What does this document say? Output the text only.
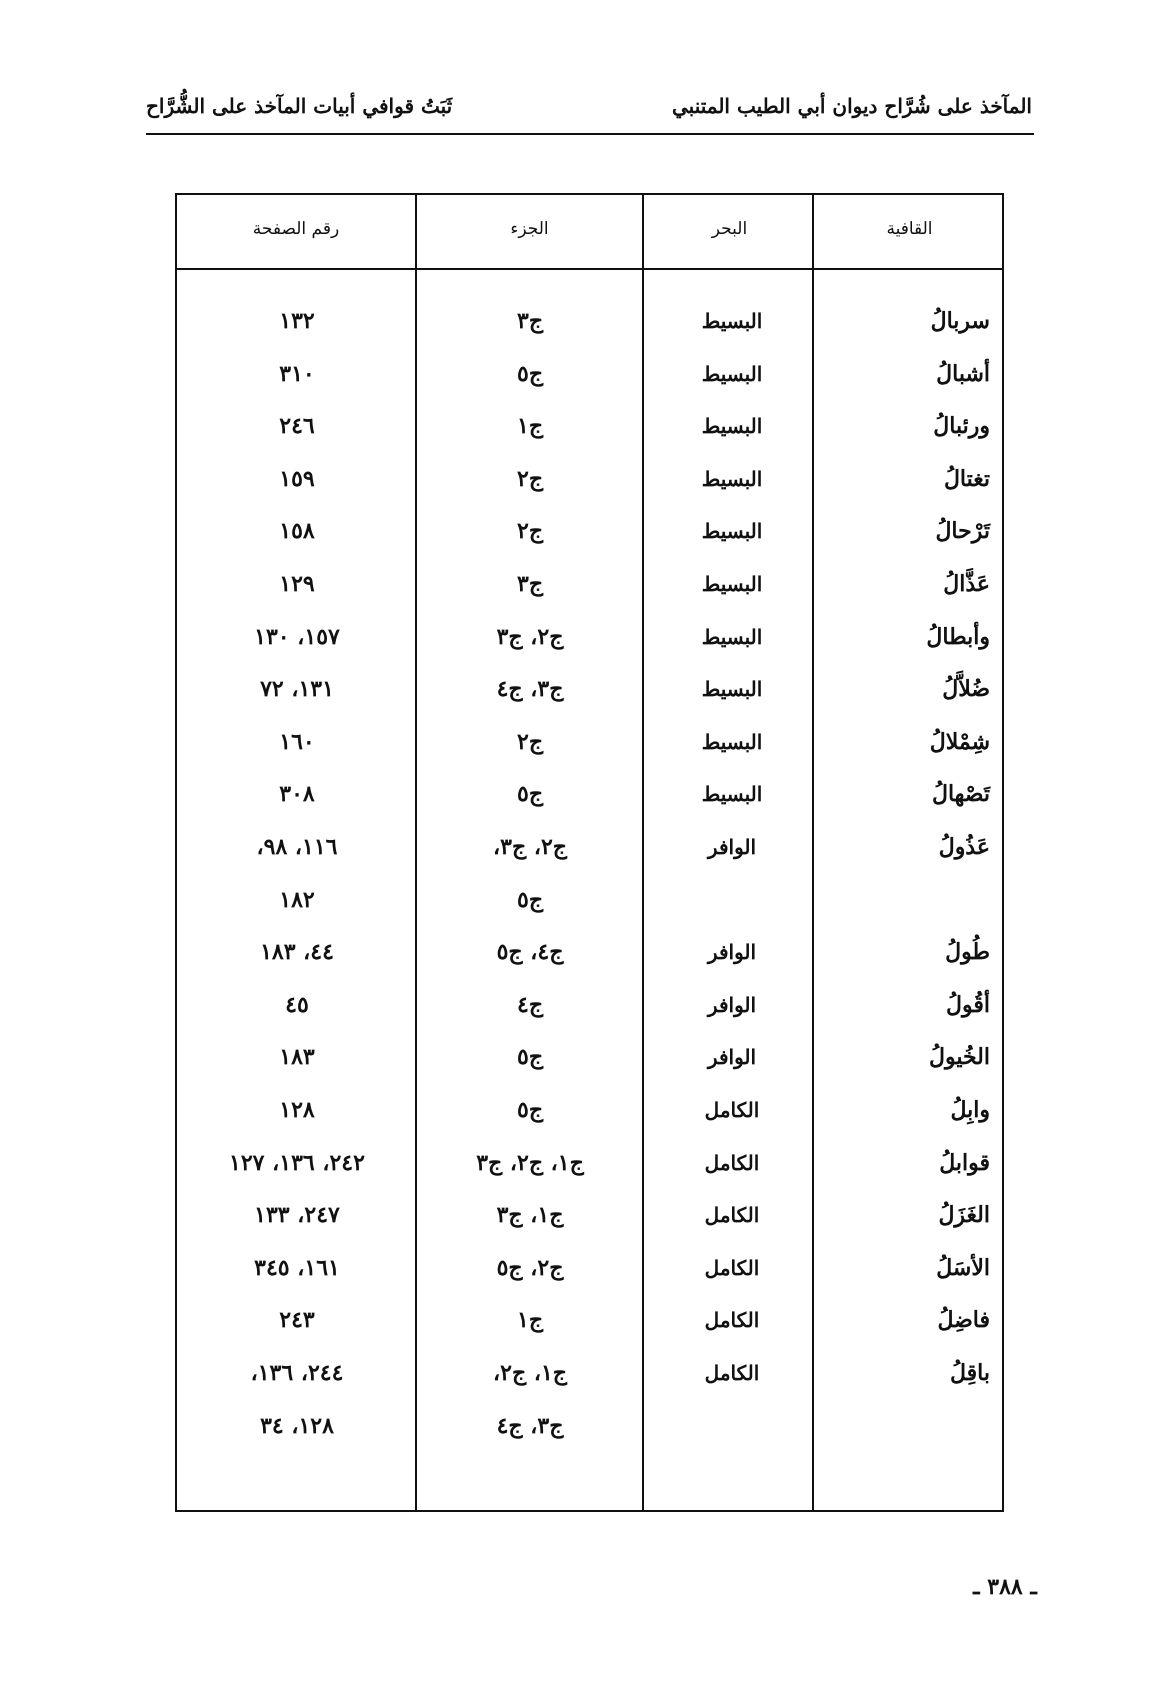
المآخذ على شُرَّاح ديوان أبي الطيب المتنبي
ثَبَتُ قوافي أبيات المآخذ على الشُّرَّاح
القافية
البحر
الجزء
رقم الصفحة
سربالُ
البسيط
ج٣
١٣٢
أشبالُ
البسيط
ج٥
٣١٠
ورئبالُ
البسيط
ج١
٢٤٦
تغتالُ
البسيط
ج٢
١٥٩
تَرْحالُ
البسيط
ج٢
١٥٨
عَذَّالُ
البسيط
ج٣
١٢٩
وأبطالُ
البسيط
ج٢، ج٣
١٥٧، ١٣٠
ضُلاَّلُ
البسيط
ج٣، ج٤
١٣١، ٧٢
شِمْلالُ
البسيط
ج٢
١٦٠
تَصْهالُ
البسيط
ج٥
٣٠٨
عَذُولُ
الوافر
ج٢، ج٣،
١١٦، ٩٨،
ج٥
١٨٢
طُولُ
الوافر
ج٤، ج٥
٤٤، ١٨٣
أقُولُ
الوافر
ج٤
٤٥
الخُيولُ
الوافر
ج٥
١٨٣
وابِلُ
الكامل
ج٥
١٢٨
قوابلُ
الكامل
ج١، ج٢، ج٣
٢٤٢، ١٣٦، ١٢٧
الغَزَلُ
الكامل
ج١، ج٣
٢٤٧، ١٣٣
الأسَلُ
الكامل
ج٢، ج٥
١٦١، ٣٤٥
فاضِلُ
الكامل
ج١
٢٤٣
باقِلُ
الكامل
ج١، ج٢،
٢٤٤، ١٣٦،
ج٣، ج٤
١٢٨، ٣٤
ـ ٣٨٨ ـ
